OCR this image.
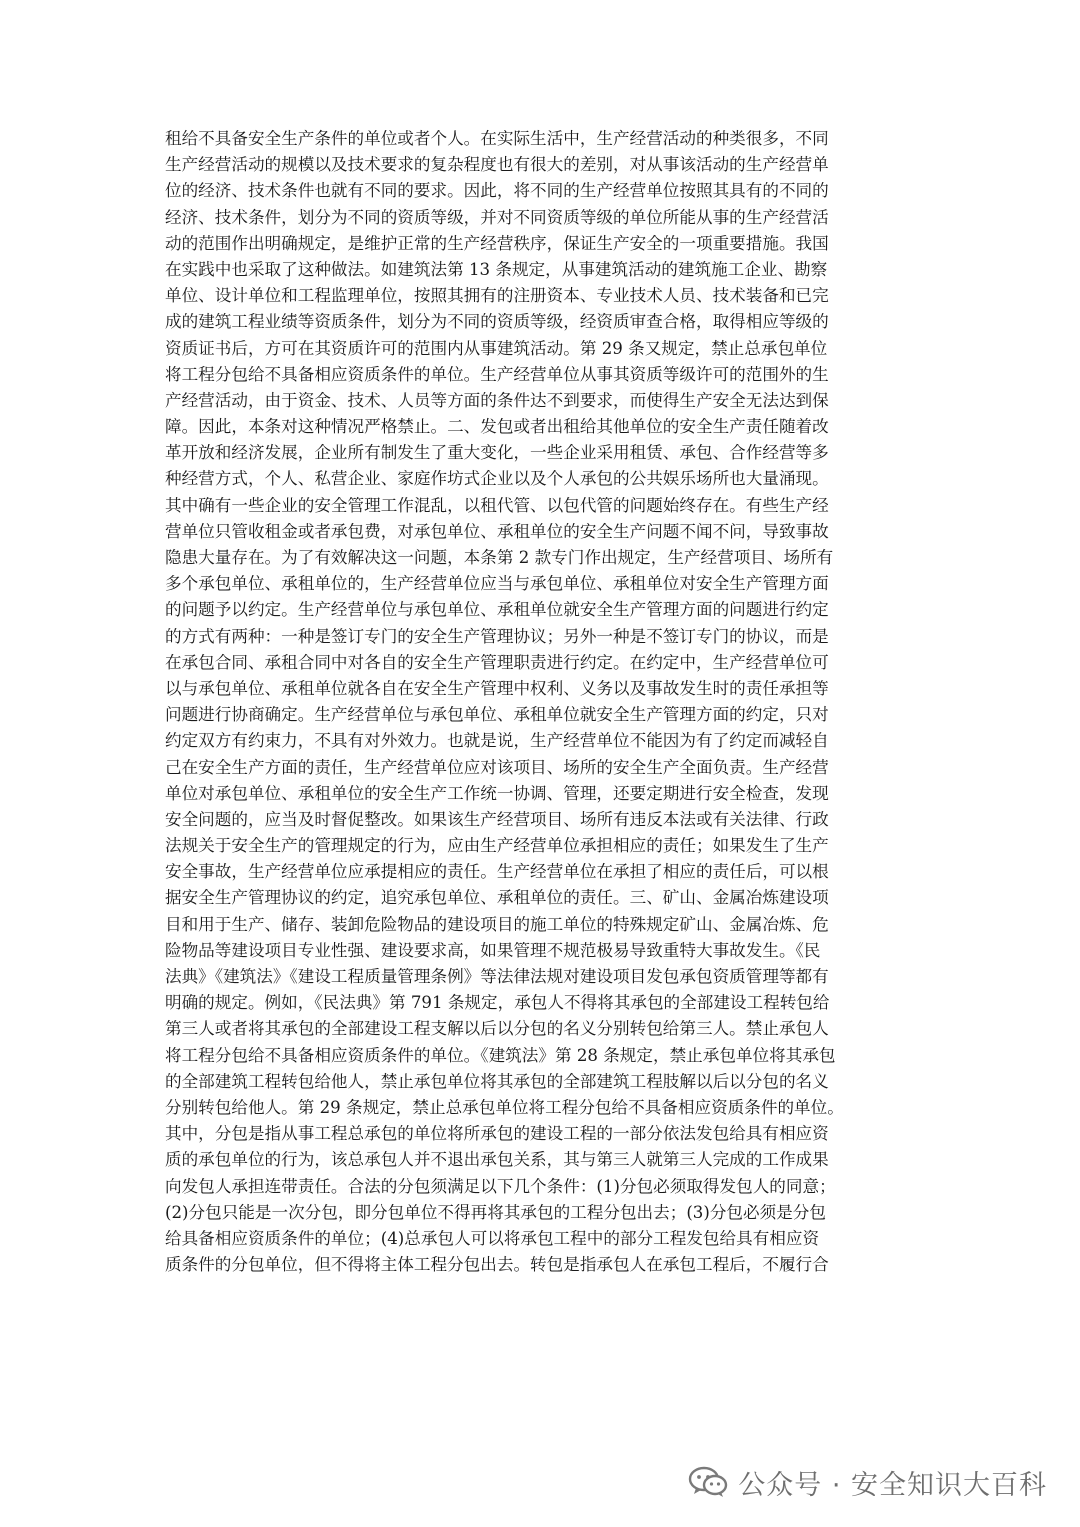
租给不具备安全生产条件的单位或者个人。在实际生活中，生产经营活动的种类很多，不同
生产经营活动的规模以及技术要求的复杂程度也有很大的差别，对从事该活动的生产经营单
位的经济、技术条件也就有不同的要求。因此，将不同的生产经营单位按照其具有的不同的
经济、技术条件，划分为不同的资质等级，并对不同资质等级的单位所能从事的生产经营活
动的范围作出明确规定，是维护正常的生产经营秩序，保证生产安全的一项重要措施。我国
在实践中也采取了这种做法。如建筑法第 13 条规定，从事建筑活动的建筑施工企业、勘察
单位、设计单位和工程监理单位，按照其拥有的注册资本、专业技术人员、技术装备和已完
成的建筑工程业绩等资质条件，划分为不同的资质等级，经资质审查合格，取得相应等级的
资质证书后，方可在其资质许可的范围内从事建筑活动。第 29 条又规定，禁止总承包单位
将工程分包给不具备相应资质条件的单位。生产经营单位从事其资质等级许可的范围外的生
产经营活动，由于资金、技术、人员等方面的条件达不到要求，而使得生产安全无法达到保
障。因此，本条对这种情况严格禁止。二、发包或者出租给其他单位的安全生产责任随着改
革开放和经济发展，企业所有制发生了重大变化，一些企业采用租赁、承包、合作经营等多
种经营方式，个人、私营企业、家庭作坊式企业以及个人承包的公共娱乐场所也大量涌现。
其中确有一些企业的安全管理工作混乱，以租代管、以包代管的问题始终存在。有些生产经
营单位只管收租金或者承包费，对承包单位、承租单位的安全生产问题不闻不问，导致事故
隐患大量存在。为了有效解决这一问题，本条第 2 款专门作出规定，生产经营项目、场所有
多个承包单位、承租单位的，生产经营单位应当与承包单位、承租单位对安全生产管理方面
的问题予以约定。生产经营单位与承包单位、承租单位就安全生产管理方面的问题进行约定
的方式有两种：一种是签订专门的安全生产管理协议；另外一种是不签订专门的协议，而是
在承包合同、承租合同中对各自的安全生产管理职责进行约定。在约定中，生产经营单位可
以与承包单位、承租单位就各自在安全生产管理中权利、义务以及事故发生时的责任承担等
问题进行协商确定。生产经营单位与承包单位、承租单位就安全生产管理方面的约定，只对
约定双方有约束力，不具有对外效力。也就是说，生产经营单位不能因为有了约定而减轻自
己在安全生产方面的责任，生产经营单位应对该项目、场所的安全生产全面负责。生产经营
单位对承包单位、承租单位的安全生产工作统一协调、管理，还要定期进行安全检查，发现
安全问题的，应当及时督促整改。如果该生产经营项目、场所有违反本法或有关法律、行政
法规关于安全生产的管理规定的行为，应由生产经营单位承担相应的责任；如果发生了生产
安全事故，生产经营单位应承提相应的责任。生产经营单位在承担了相应的责任后，可以根
据安全生产管理协议的约定，追究承包单位、承租单位的责任。三、矿山、金属冶炼建设项
目和用于生产、储存、装卸危险物品的建设项目的施工单位的特殊规定矿山、金属冶炼、危
险物品等建设项目专业性强、建设要求高，如果管理不规范极易导致重特大事故发生。《民
法典》《建筑法》《建设工程质量管理条例》等法律法规对建设项目发包承包资质管理等都有
明确的规定。例如，《民法典》第 791 条规定，承包人不得将其承包的全部建设工程转包给
第三人或者将其承包的全部建设工程支解以后以分包的名义分别转包给第三人。禁止承包人
将工程分包给不具备相应资质条件的单位。《建筑法》第 28 条规定，禁止承包单位将其承包
的全部建筑工程转包给他人，禁止承包单位将其承包的全部建筑工程肢解以后以分包的名义
分别转包给他人。第 29 条规定，禁止总承包单位将工程分包给不具备相应资质条件的单位。
其中，分包是指从事工程总承包的单位将所承包的建设工程的一部分依法发包给具有相应资
质的承包单位的行为，该总承包人并不退出承包关系，其与第三人就第三人完成的工作成果
向发包人承担连带责任。合法的分包须满足以下几个条件：(1)分包必须取得发包人的同意；
(2)分包只能是一次分包，即分包单位不得再将其承包的工程分包出去；(3)分包必须是分包
给具备相应资质条件的单位；(4)总承包人可以将承包工程中的部分工程发包给具有相应资
质条件的分包单位，但不得将主体工程分包出去。转包是指承包人在承包工程后，不履行合
公众号 · 安全知识大百科
